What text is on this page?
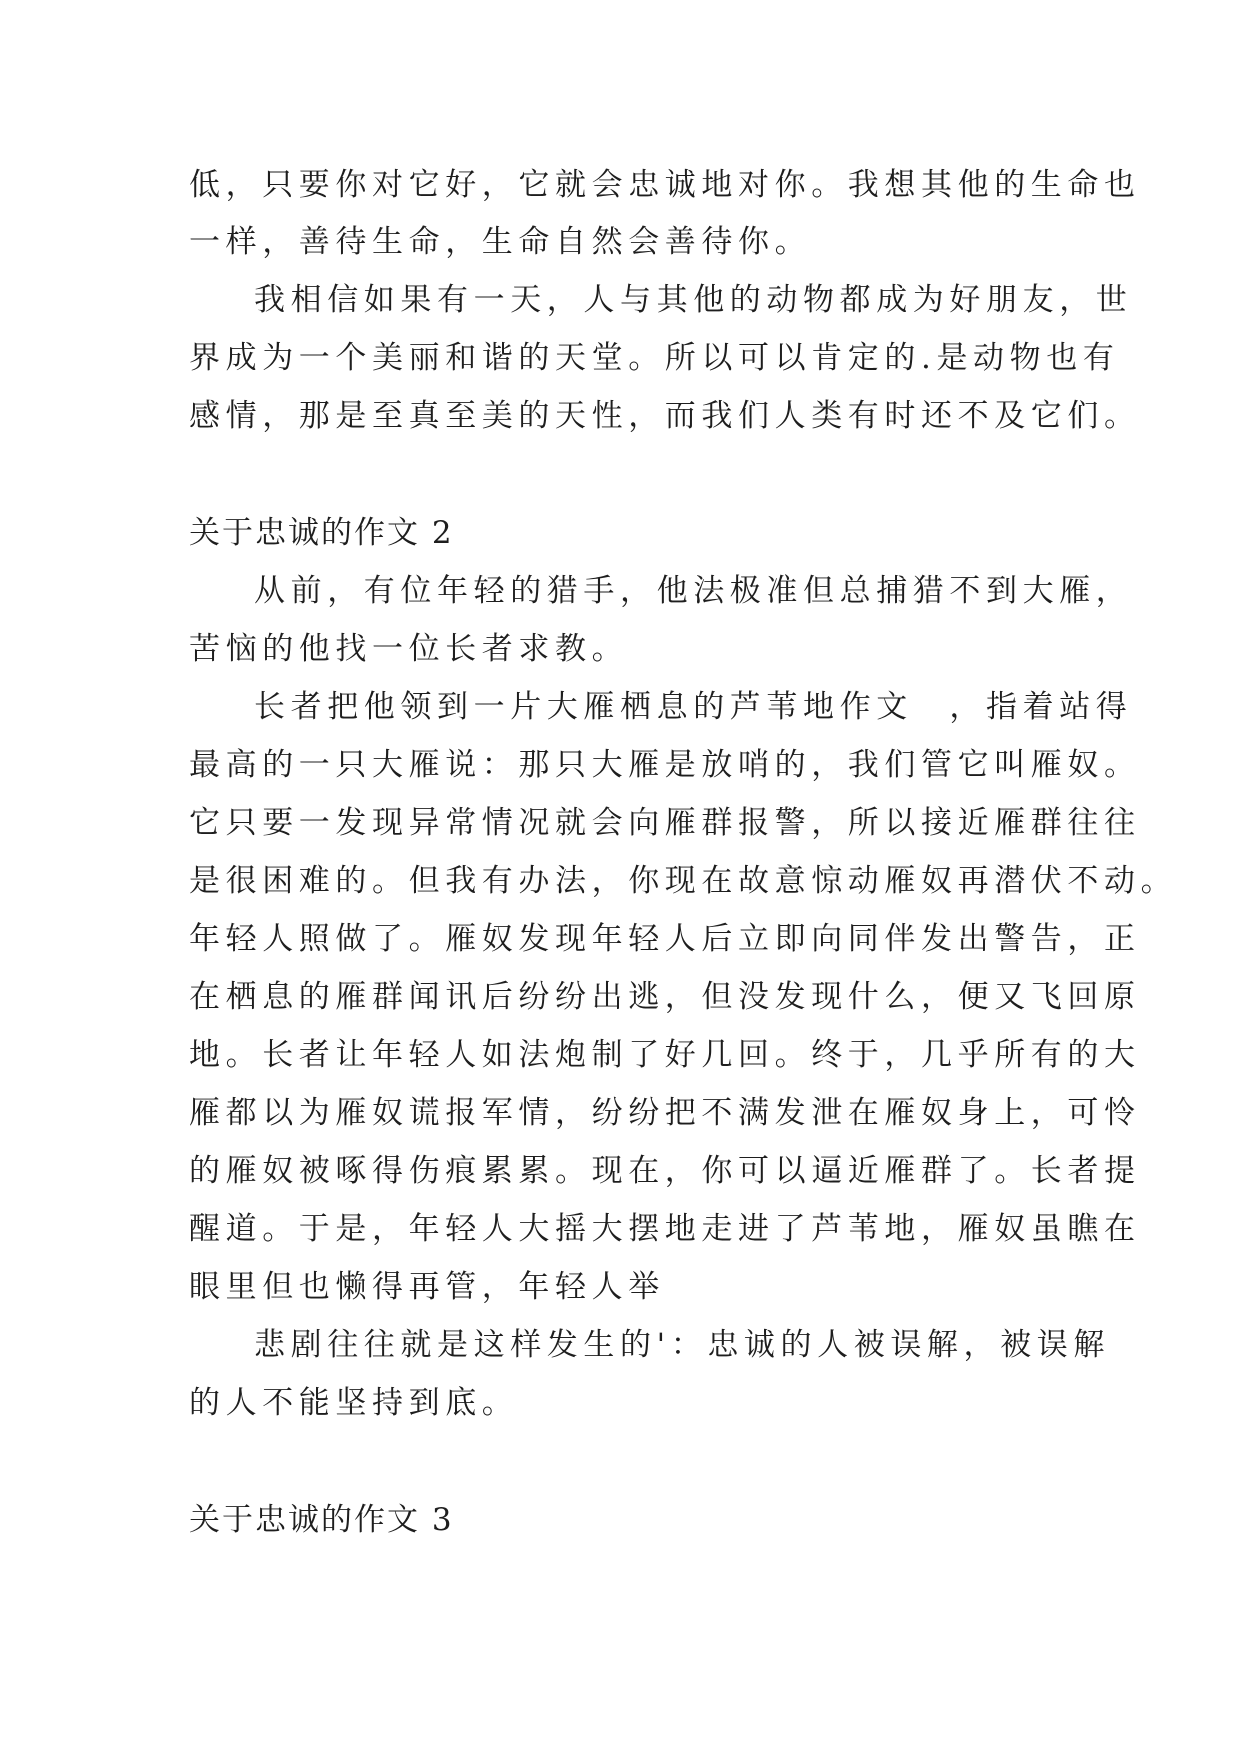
低，只要你对它好，它就会忠诚地对你。我想其他的生命也
一样，善待生命，生命自然会善待你。
我相信如果有一天，人与其他的动物都成为好朋友，世
界成为一个美丽和谐的天堂。所以可以肯定的.是动物也有
感情，那是至真至美的天性，而我们人类有时还不及它们。
关于忠诚的作文 2
从前，有位年轻的猎手，他法极准但总捕猎不到大雁，
苦恼的他找一位长者求教。
长者把他领到一片大雁栖息的芦苇地作文　，指着站得
最高的一只大雁说：那只大雁是放哨的，我们管它叫雁奴。
它只要一发现异常情况就会向雁群报警，所以接近雁群往往
是很困难的。但我有办法，你现在故意惊动雁奴再潜伏不动。
年轻人照做了。雁奴发现年轻人后立即向同伴发出警告，正
在栖息的雁群闻讯后纷纷出逃，但没发现什么，便又飞回原
地。长者让年轻人如法炮制了好几回。终于，几乎所有的大
雁都以为雁奴谎报军情，纷纷把不满发泄在雁奴身上，可怜
的雁奴被啄得伤痕累累。现在，你可以逼近雁群了。长者提
醒道。于是，年轻人大摇大摆地走进了芦苇地，雁奴虽瞧在
眼里但也懒得再管，年轻人举
悲剧往往就是这样发生的'：忠诚的人被误解，被误解
的人不能坚持到底。
关于忠诚的作文 3
